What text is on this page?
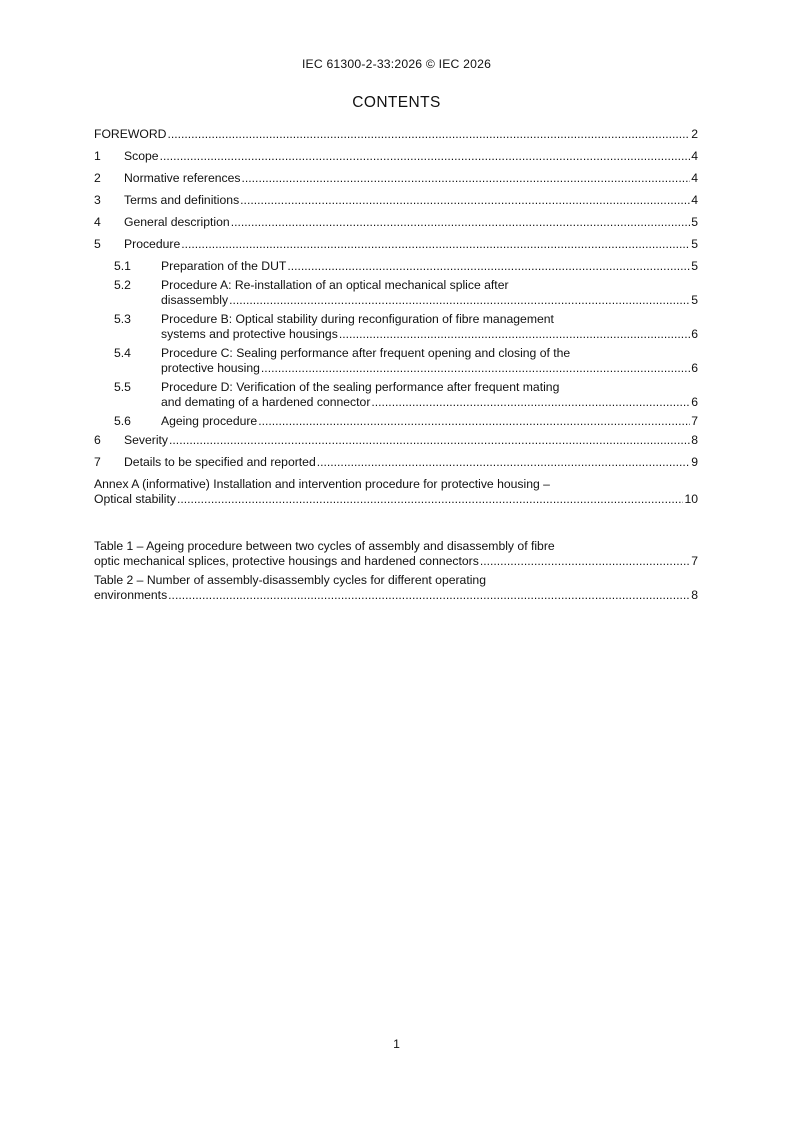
IEC 61300-2-33:2026 © IEC 2026
CONTENTS
FOREWORD .....	2
1	Scope .....	4
2	Normative references .....	4
3	Terms and definitions .....	4
4	General description .....	5
5	Procedure .....	5
5.1	Preparation of the DUT .....	5
5.2	Procedure A: Re-installation of an optical mechanical splice after
disassembly .....	5
5.3	Procedure B: Optical stability during reconfiguration of fibre management
systems and protective housings .....	6
5.4	Procedure C: Sealing performance after frequent opening and closing of the
protective housing .....	6
5.5	Procedure D: Verification of the sealing performance after frequent mating
and demating of a hardened connector .....	6
5.6	Ageing procedure .....	7
6	Severity .....	8
7	Details to be specified and reported .....	9
Annex A (informative) Installation and intervention procedure for protective housing –
Optical stability .....	10
Table 1 – Ageing procedure between two cycles of assembly and disassembly of fibre
optic mechanical splices, protective housings and hardened connectors .....	7
Table 2 – Number of assembly-disassembly cycles for different operating
environments .....	8
1
